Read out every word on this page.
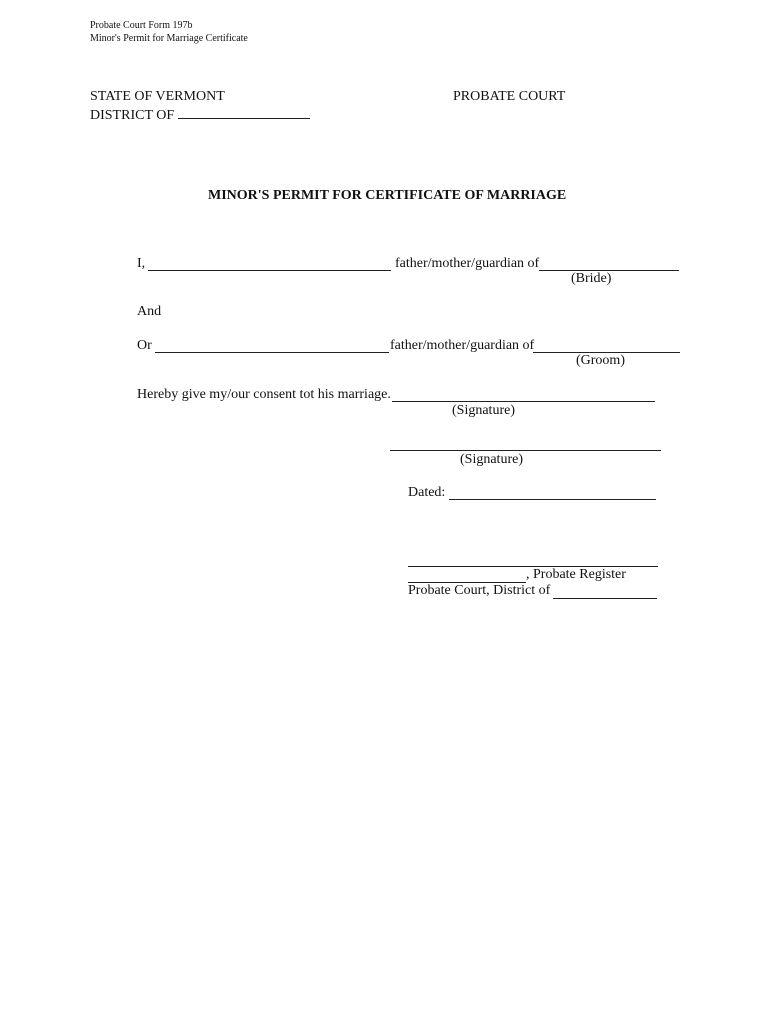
Probate Court Form 197b
Minor's Permit for Marriage Certificate
STATE OF VERMONT
DISTRICT OF
PROBATE COURT
MINOR'S PERMIT FOR CERTIFICATE OF MARRIAGE
I,	father/mother/guardian of
(Bride)
And
Or	father/mother/guardian of
(Groom)
Hereby give my/our consent tot his marriage.
(Signature)
(Signature)
Dated:
, Probate Register
Probate Court, District of
